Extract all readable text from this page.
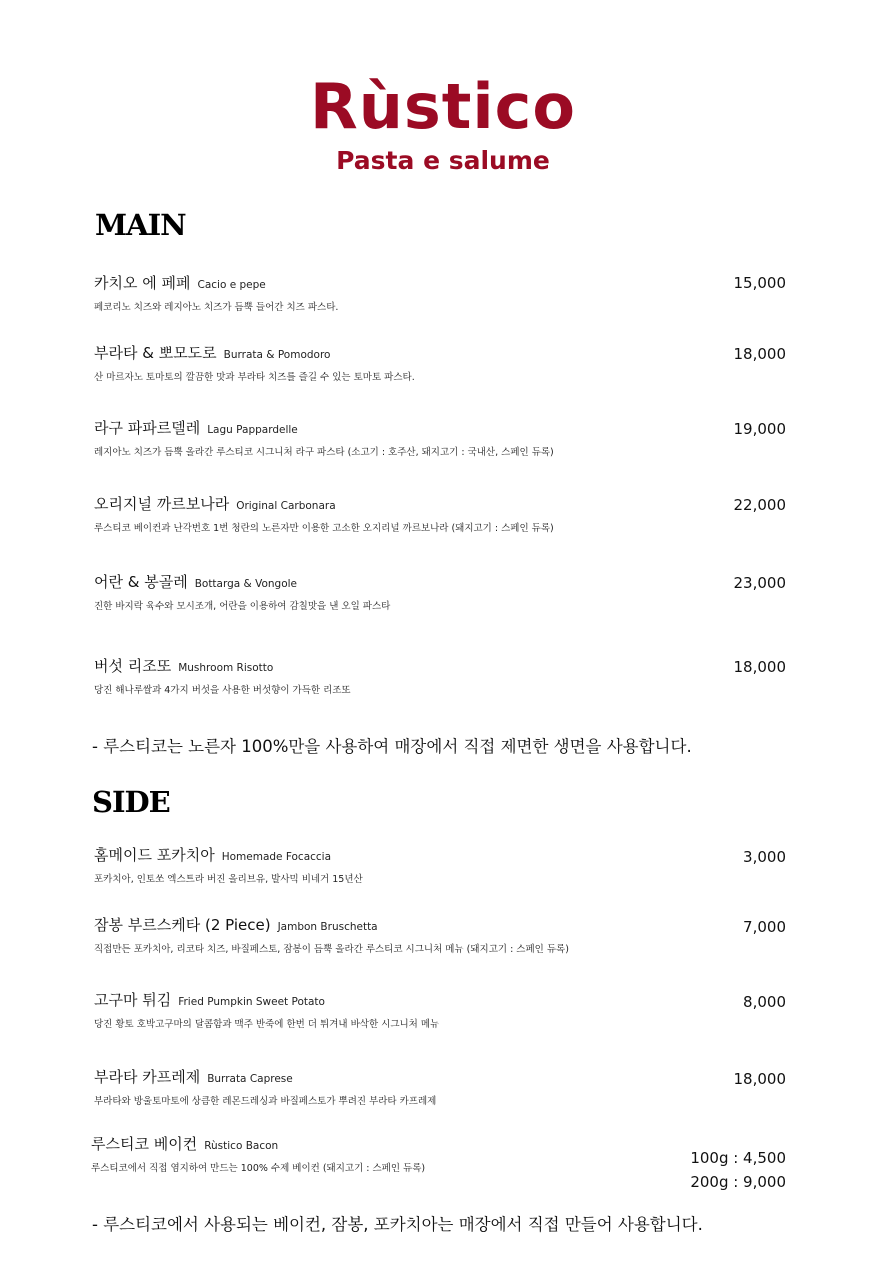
Rùstico
Pasta e salume
MAIN
카치오 에 페페 Cacio e pepe
페코리노 치즈와 레지아노 치즈가 듬뿍 들어간 치즈 파스타.
15,000
부라타 & 뽀모도로 Burrata & Pomodoro
산 마르자노 토마토의 깔끔한 맛과 부라타 치즈를 즐길 수 있는 토마토 파스타.
18,000
라구 파파르델레 Lagu Pappardelle
레지아노 치즈가 듬뿍 올라간 루스티코 시그니처 라구 파스타 (소고기 : 호주산, 돼지고기 : 국내산, 스페인 듀록)
19,000
오리지널 까르보나라 Original Carbonara
루스티코 베이컨과 난각번호 1번 청란의 노른자만 이용한 고소한 오지리널 까르보나라 (돼지고기 : 스페인 듀록)
22,000
어란 & 봉골레 Bottarga & Vongole
진한 바지락 육수와 모시조개, 어란을 이용하여 감칠맛을 낸 오일 파스타
23,000
버섯 리조또 Mushroom Risotto
당진 해나루쌀과 4가지 버섯을 사용한 버섯향이 가득한 리조또
18,000
- 루스티코는 노른자 100%만을 사용하여 매장에서 직접 제면한 생면을 사용합니다.
SIDE
홈메이드 포카치아 Homemade Focaccia
포카치아, 인토쏘 엑스트라 버진 올리브유, 발사믹 비네거 15년산
3,000
잠봉 부르스케타 (2 Piece) Jambon Bruschetta
직접만든 포카치아, 리코타 치즈, 바질페스토, 잠봉이 듬뿍 올라간 루스티코 시그니처 메뉴 (돼지고기 : 스페인 듀록)
7,000
고구마 튀김 Fried Pumpkin Sweet Potato
당진 황토 호박고구마의 달콤함과 맥주 반죽에 한번 더 튀겨내 바삭한 시그니처 메뉴
8,000
부라타 카프레제 Burrata Caprese
부라타와 방울토마토에 상큼한 레몬드레싱과 바질페스토가 뿌려진 부라타 카프레제
18,000
루스티코 베이컨 Rùstico Bacon
루스티코에서 직접 염지하여 만드는 100% 수제 베이컨 (돼지고기 : 스페인 듀록)
100g : 4,500
200g : 9,000
- 루스티코에서 사용되는 베이컨, 잠봉, 포카치아는 매장에서 직접 만들어 사용합니다.
